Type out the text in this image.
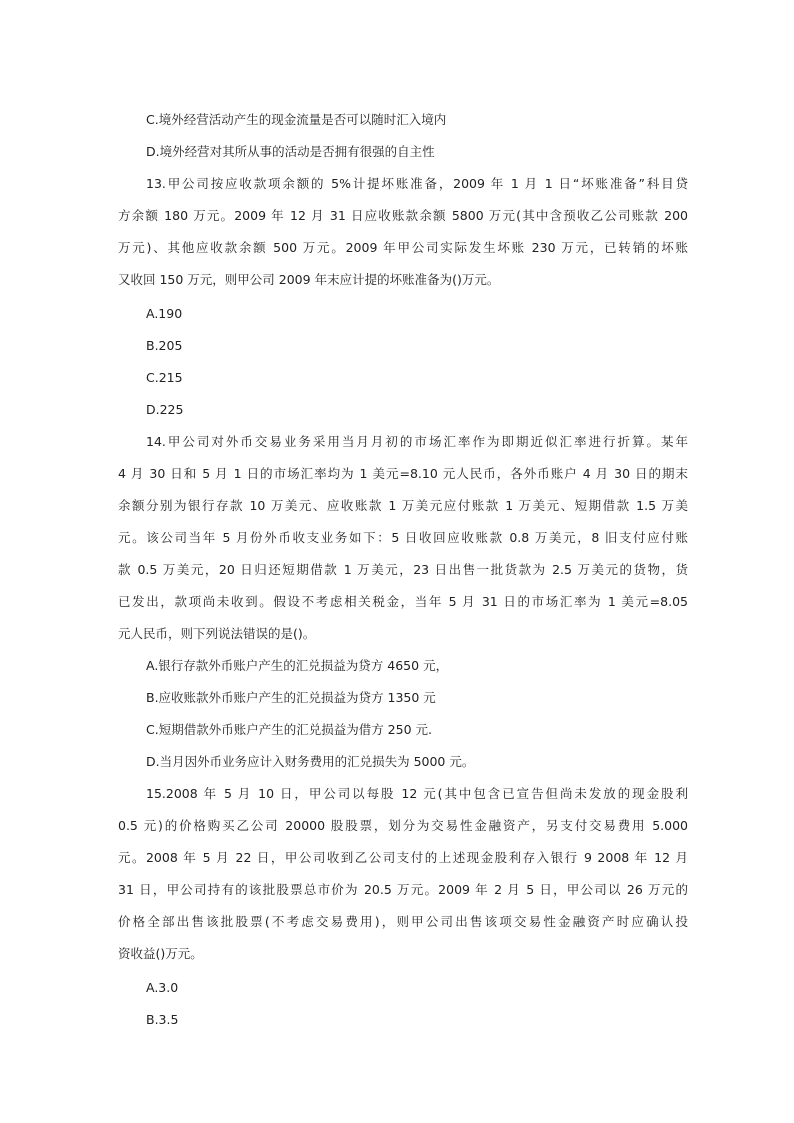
C.境外经营活动产生的现金流量是否可以随时汇入境内
D.境外经营对其所从事的活动是否拥有很强的自主性
13.甲公司按应收款项余额的 5%计提坏账准备，2009 年 1 月 1 日“坏账准备”科目贷
方余额 180 万元。2009 年 12 月 31 日应收账款余额 5800 万元(其中含预收乙公司账款 200
万元)、其他应收款余额 500 万元。2009 年甲公司实际发生坏账 230 万元，已转销的坏账
又收回 150 万元，则甲公司 2009 年末应计提的坏账准备为()万元。
A.190
B.205
C.215
D.225
14.甲公司对外币交易业务采用当月月初的市场汇率作为即期近似汇率进行折算。某年
4 月 30 日和 5 月 1 日的市场汇率均为 1 美元=8.10 元人民币，各外币账户 4 月 30 日的期末
余额分别为银行存款 10 万美元、应收账款 1 万美元应付账款 1 万美元、短期借款 1.5 万美
元。该公司当年 5 月份外币收支业务如下：5 日收回应收账款 0.8 万美元，8 旧支付应付账
款 0.5 万美元，20 日归还短期借款 1 万美元，23 日出售一批货款为 2.5 万美元的货物，货
已发出，款项尚未收到。假设不考虑相关税金，当年 5 月 31 日的市场汇率为 1 美元=8.05
元人民币，则下列说法错误的是()。
A.银行存款外币账户产生的汇兑损益为贷方 4650 元，
B.应收账款外币账户产生的汇兑损益为贷方 1350 元
C.短期借款外币账户产生的汇兑损益为借方 250 元.
D.当月因外币业务应计入财务费用的汇兑损失为 5000 元。
15.2008 年 5 月 10 日，甲公司以每股 12 元(其中包含已宣告但尚未发放的现金股利
0.5 元)的价格购买乙公司 20000 股股票，划分为交易性金融资产，另支付交易费用 5.000
元。2008 年 5 月 22 日，甲公司收到乙公司支付的上述现金股利存入银行 9 2008 年 12 月
31 日，甲公司持有的该批股票总市价为 20.5 万元。2009 年 2 月 5 日，甲公司以 26 万元的
价格全部出售该批股票(不考虑交易费用)，则甲公司出售该项交易性金融资产时应确认投
资收益()万元。
A.3.0
B.3.5
